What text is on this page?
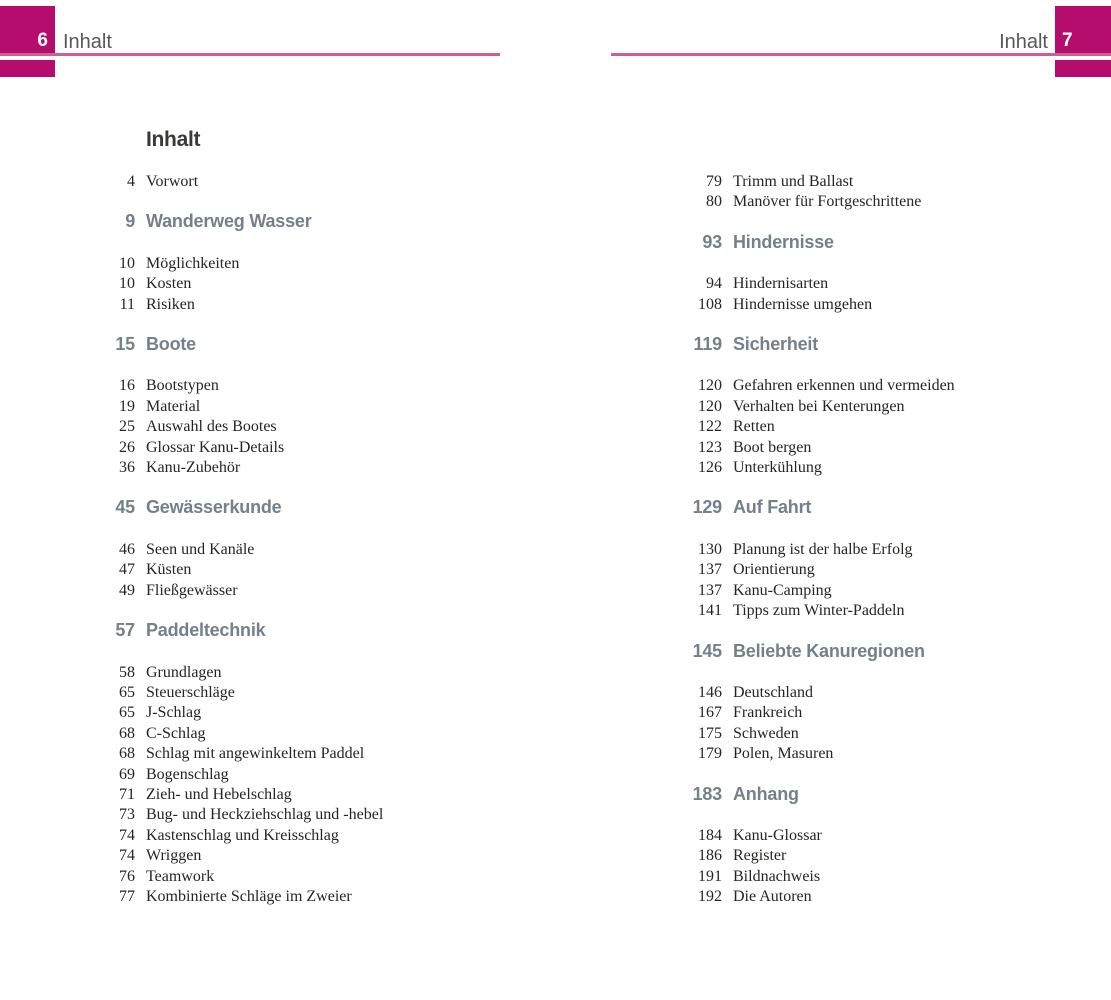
6	7
Inhalt	Inhalt
Inhalt
4 Vorwort
9 Wanderweg Wasser
10 Möglichkeiten
10 Kosten
11 Risiken
15 Boote
16 Bootstypen
19 Material
25 Auswahl des Bootes
26 Glossar Kanu-Details
36 Kanu-Zubehör
45 Gewässerkunde
46 Seen und Kanäle
47 Küsten
49 Fließgewässer
57 Paddeltechnik
58 Grundlagen
65 Steuerschläge
65 J-Schlag
68 C-Schlag
68 Schlag mit angewinkeltem Paddel
69 Bogenschlag
71 Zieh- und Hebelschlag
73 Bug- und Heckziehschlag und -hebel
74 Kastenschlag und Kreisschlag
74 Wriggen
76 Teamwork
77 Kombinierte Schläge im Zweier
79 Trimm und Ballast
80 Manöver für Fortgeschrittene
93 Hindernisse
94 Hindernisarten
108 Hindernisse umgehen
119 Sicherheit
120 Gefahren erkennen und vermeiden
120 Verhalten bei Kenterungen
122 Retten
123 Boot bergen
126 Unterkühlung
129 Auf Fahrt
130 Planung ist der halbe Erfolg
137 Orientierung
137 Kanu-Camping
141 Tipps zum Winter-Paddeln
145 Beliebte Kanuregionen
146 Deutschland
167 Frankreich
175 Schweden
179 Polen, Masuren
183 Anhang
184 Kanu-Glossar
186 Register
191 Bildnachweis
192 Die Autoren
